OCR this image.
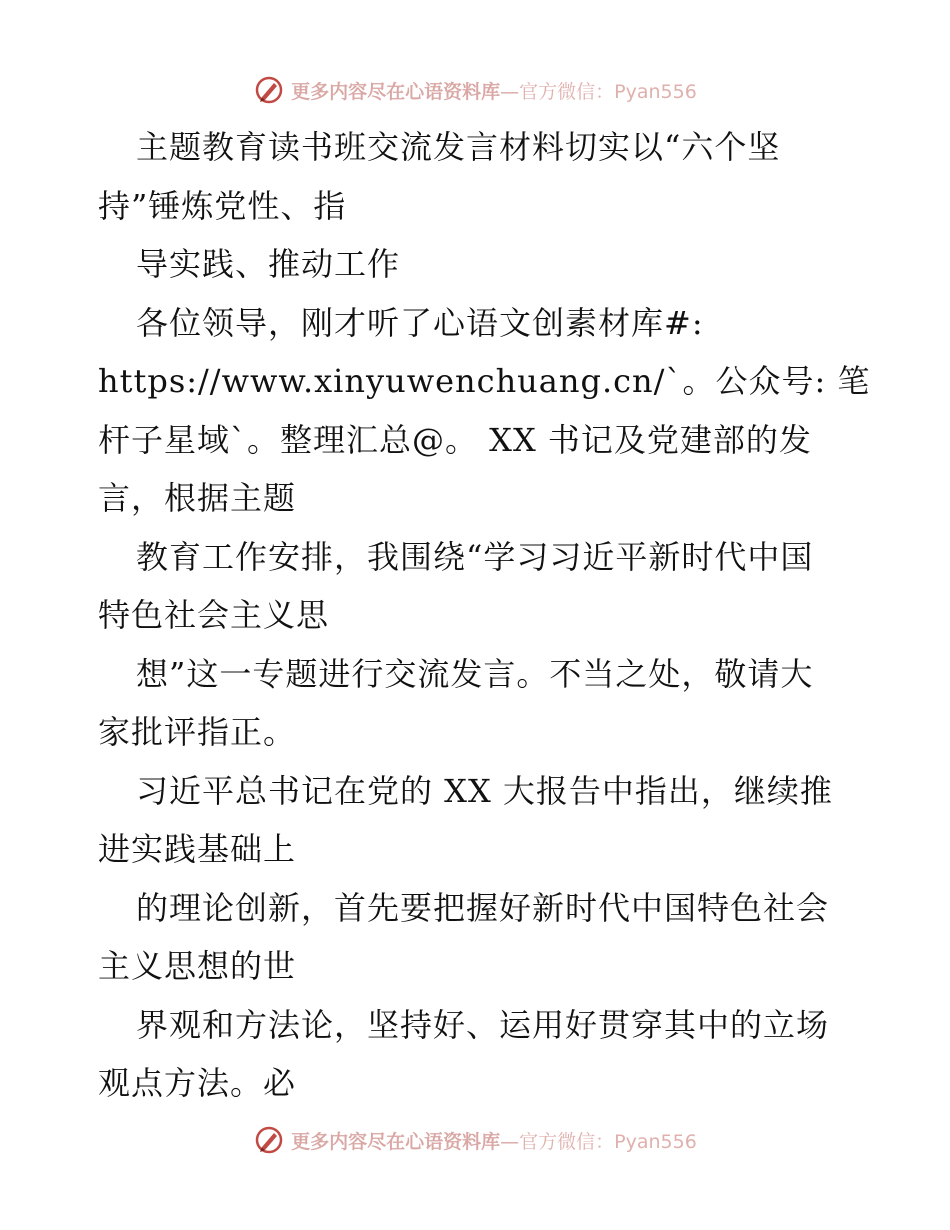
更多内容尽在心语资料库—官方微信：Pyan556
主题教育读书班交流发言材料切实以“六个坚
持”锤炼党性、指
导实践、推动工作
各位领导，刚才听了心语文创素材库#:
https://www.xinyuwenchuang.cn/`。公众号: 笔
杆子星域`。整理汇总@。 XX 书记及党建部的发
言，根据主题
教育工作安排，我围绕“学习习近平新时代中国
特色社会主义思
想”这一专题进行交流发言。不当之处，敬请大
家批评指正。
习近平总书记在党的 XX 大报告中指出，继续推
进实践基础上
的理论创新，首先要把握好新时代中国特色社会
主义思想的世
界观和方法论，坚持好、运用好贯穿其中的立场
观点方法。必
更多内容尽在心语资料库—官方微信：Pyan556
